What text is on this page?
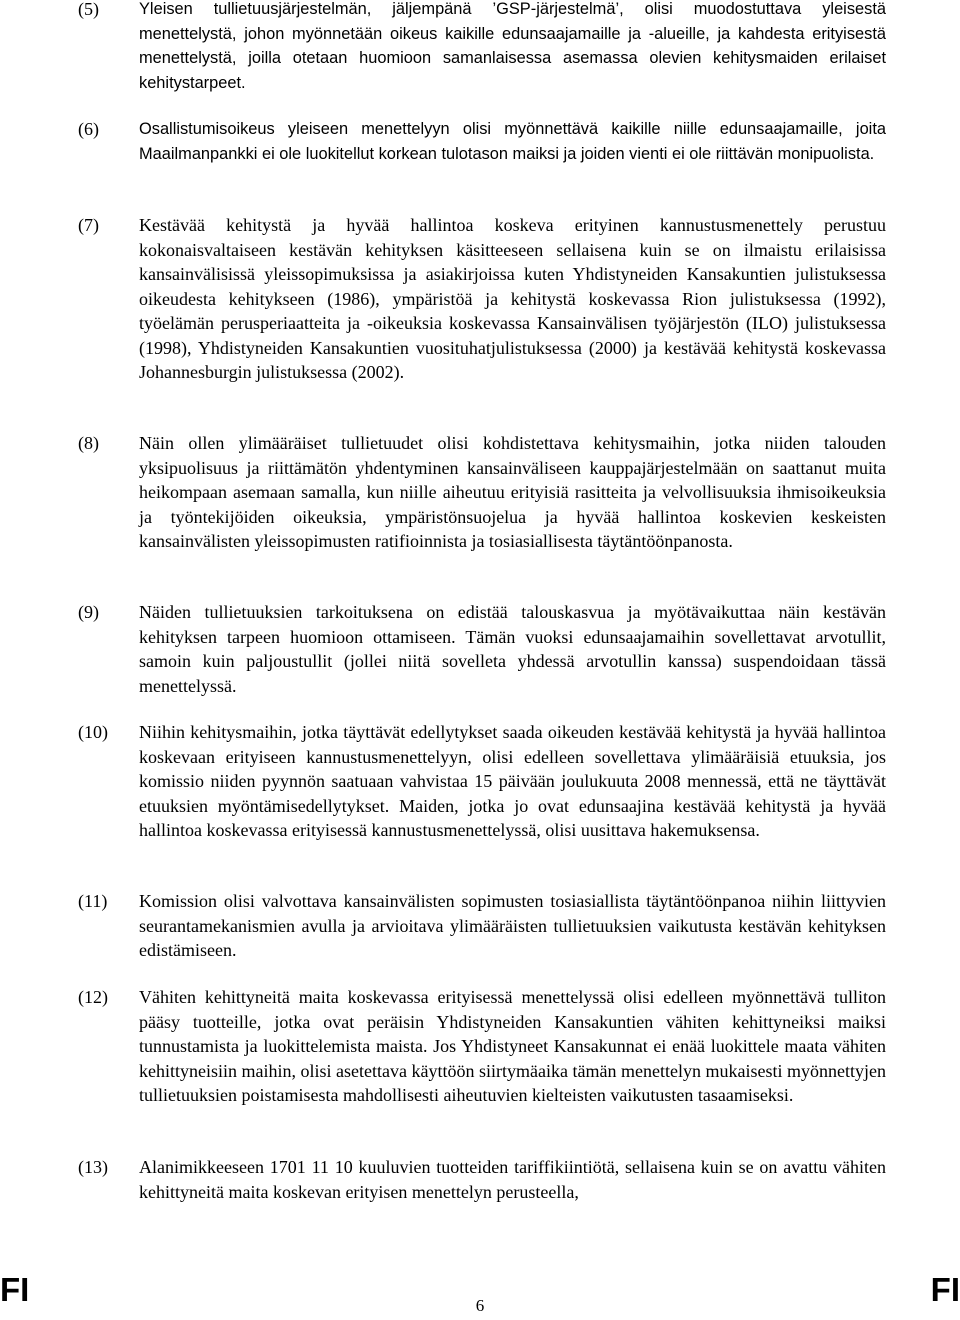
(5) Yleisen tullietuusjärjestelmän, jäljempänä ’GSP-järjestelmä’, olisi muodostuttava yleisestä menettelystä, johon myönnetään oikeus kaikille edunsaajamaille ja -alueille, ja kahdesta erityisestä menettelystä, joilla otetaan huomioon samanlaisessa asemassa olevien kehitysmaiden erilaiset kehitystarpeet.
(6) Osallistumisoikeus yleiseen menettelyyn olisi myönnettävä kaikille niille edunsaajamaille, joita Maailmanpankki ei ole luokitellut korkean tulotason maiksi ja joiden vienti ei ole riittävän monipuolista.
(7) Kestävää kehitystä ja hyvää hallintoa koskeva erityinen kannustusmenettely perustuu kokonaisvaltaiseen kestävän kehityksen käsitteeseen sellaisena kuin se on ilmaistu erilaisissa kansainvälisissä yleissopimuksissa ja asiakirjoissa kuten Yhdistyneiden Kansakuntien julistuksessa oikeudesta kehitykseen (1986), ympäristöä ja kehitystä koskevassa Rion julistuksessa (1992), työelämän perusperiaatteita ja -oikeuksia koskevassa Kansainvälisen työjärjestön (ILO) julistuksessa (1998), Yhdistyneiden Kansakuntien vuosituhatjulistuksessa (2000) ja kestävää kehitystä koskevassa Johannesburgin julistuksessa (2002).
(8) Näin ollen ylimääräiset tullietuudet olisi kohdistettava kehitysmaihin, jotka niiden talouden yksipuolisuus ja riittämätön yhdentyminen kansainväliseen kauppajärjestelmään on saattanut muita heikompaan asemaan samalla, kun niille aiheutuu erityisiä rasitteita ja velvollisuuksia ihmisoikeuksia ja työntekijöiden oikeuksia, ympäristönsuojelua ja hyvää hallintoa koskevien keskeisten kansainvälisten yleissopimusten ratifioinnista ja tosiasiallisesta täytäntöönpanosta.
(9) Näiden tullietuuksien tarkoituksena on edistää talouskasvua ja myötävaikuttaa näin kestävän kehityksen tarpeen huomioon ottamiseen. Tämän vuoksi edunsaajamaihin sovellettavat arvotullit, samoin kuin paljoustullit (jollei niitä sovelleta yhdessä arvotullin kanssa) suspendoidaan tässä menettelyssä.
(10) Niihin kehitysmaihin, jotka täyttävät edellytykset saada oikeuden kestävää kehitystä ja hyvää hallintoa koskevaan erityiseen kannustusmenettelyyn, olisi edelleen sovellettava ylimääräisiä etuuksia, jos komissio niiden pyynnön saatuaan vahvistaa 15 päivään joulukuuta 2008 mennessä, että ne täyttävät etuuksien myöntämisedellytykset. Maiden, jotka jo ovat edunsaajina kestävää kehitystä ja hyvää hallintoa koskevassa erityisessä kannustusmenettelyssä, olisi uusittava hakemuksensa.
(11) Komission olisi valvottava kansainvälisten sopimusten tosiasiallista täytäntöönpanoa niihin liittyvien seurantamekanismien avulla ja arvioitava ylimääräisten tullietuuksien vaikutusta kestävän kehityksen edistämiseen.
(12) Vähiten kehittyneitä maita koskevassa erityisessä menettelyssä olisi edelleen myönnettävä tulliton pääsy tuotteille, jotka ovat peräisin Yhdistyneiden Kansakuntien vähiten kehittyneiksi maiksi tunnustamista ja luokittelemista maista. Jos Yhdistyneet Kansakunnat ei enää luokittele maata vähiten kehittyneisiin maihin, olisi asetettava käyttöön siirtymäaika tämän menettelyn mukaisesti myönnettyjen tullietuuksien poistamisesta mahdollisesti aiheutuvien kielteisten vaikutusten tasaamiseksi.
(13) Alanimikkeeseen 1701 11 10 kuuluvien tuotteiden tariffikiintiötä, sellaisena kuin se on avattu vähiten kehittyneitä maita koskevan erityisen menettelyn perusteella,
FI	6	FI
